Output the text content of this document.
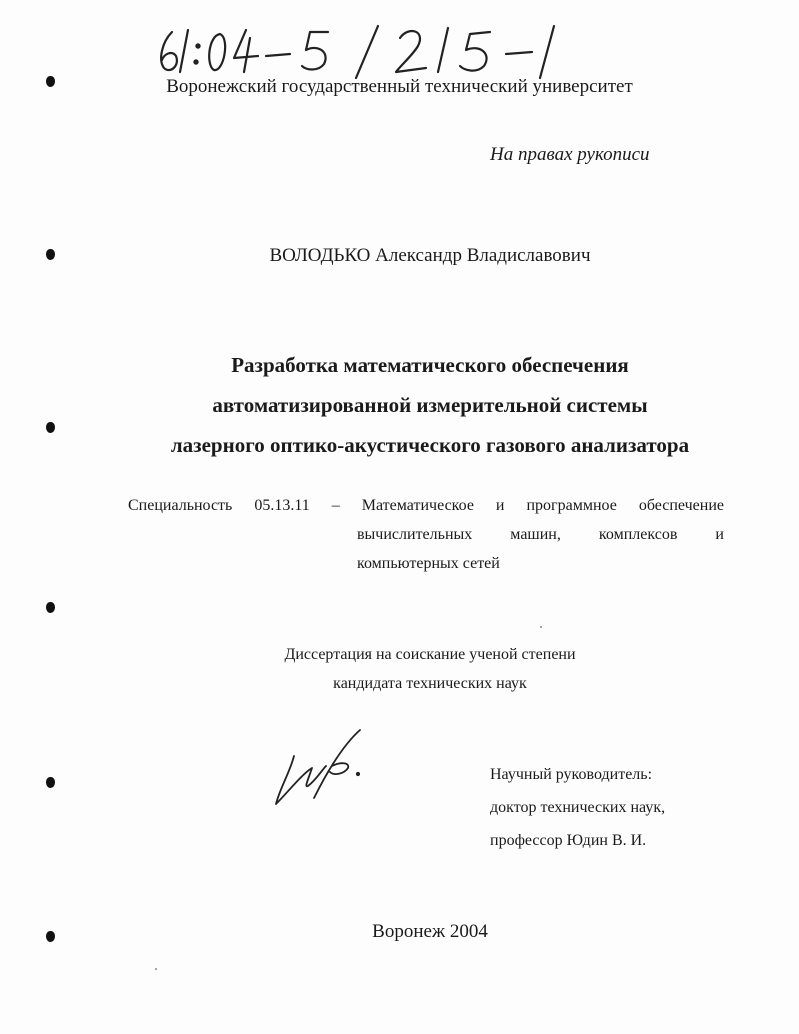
Воронежский государственный технический университет
На правах рукописи
ВОЛОДЬКО Александр Владиславович
Разработка математического обеспечения
автоматизированной измерительной системы
лазерного оптико-акустического газового анализатора
Специальность 05.13.11 – Математическое и программное обеспечение
вычислительных машин, комплексов и
компьютерных сетей
Диссертация на соискание ученой степени
кандидата технических наук
Научный руководитель:
доктор технических наук,
профессор Юдин В. И.
Воронеж 2004
